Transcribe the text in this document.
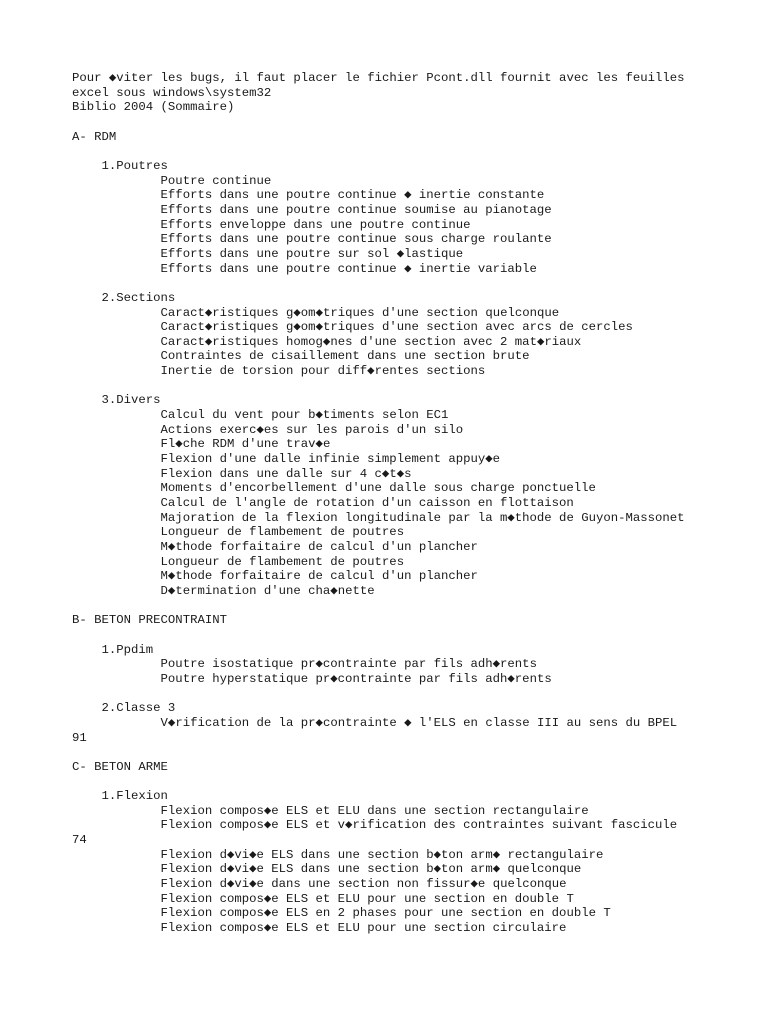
Pour ◆viter les bugs, il faut placer le fichier Pcont.dll fournit avec les feuilles
excel sous windows\system32
Biblio 2004 (Sommaire)

A- RDM

1.Poutres
Poutre continue
Efforts dans une poutre continue ◆ inertie constante
Efforts dans une poutre continue soumise au pianotage
Efforts enveloppe dans une poutre continue
Efforts dans une poutre continue sous charge roulante
Efforts dans une poutre sur sol ◆lastique
Efforts dans une poutre continue ◆ inertie variable

2.Sections
Caract◆ristiques g◆om◆triques d'une section quelconque
Caract◆ristiques g◆om◆triques d'une section avec arcs de cercles
Caract◆ristiques homog◆nes d'une section avec 2 mat◆riaux
Contraintes de cisaillement dans une section brute
Inertie de torsion pour diff◆rentes sections

3.Divers
Calcul du vent pour b◆timents selon EC1
Actions exerc◆es sur les parois d'un silo
Fl◆che RDM d'une trav◆e
Flexion d'une dalle infinie simplement appuy◆e
Flexion dans une dalle sur 4 c◆t◆s
Moments d'encorbellement d'une dalle sous charge ponctuelle
Calcul de l'angle de rotation d'un caisson en flottaison
Majoration de la flexion longitudinale par la m◆thode de Guyon-Massonet
Longueur de flambement de poutres
M◆thode forfaitaire de calcul d'un plancher
Longueur de flambement de poutres
M◆thode forfaitaire de calcul d'un plancher
D◆termination d'une cha◆nette

B- BETON PRECONTRAINT

1.Ppdim
Poutre isostatique pr◆contrainte par fils adh◆rents
Poutre hyperstatique pr◆contrainte par fils adh◆rents

2.Classe 3
V◆rification de la pr◆contrainte ◆ l'ELS en classe III au sens du BPEL
91

C- BETON ARME

1.Flexion
Flexion compos◆e ELS et ELU dans une section rectangulaire
Flexion compos◆e ELS et v◆rification des contraintes suivant fascicule
74
Flexion d◆vi◆e ELS dans une section b◆ton arm◆ rectangulaire
Flexion d◆vi◆e ELS dans une section b◆ton arm◆ quelconque
Flexion d◆vi◆e dans une section non fissur◆e quelconque
Flexion compos◆e ELS et ELU pour une section en double T
Flexion compos◆e ELS en 2 phases pour une section en double T
Flexion compos◆e ELS et ELU pour une section circulaire
